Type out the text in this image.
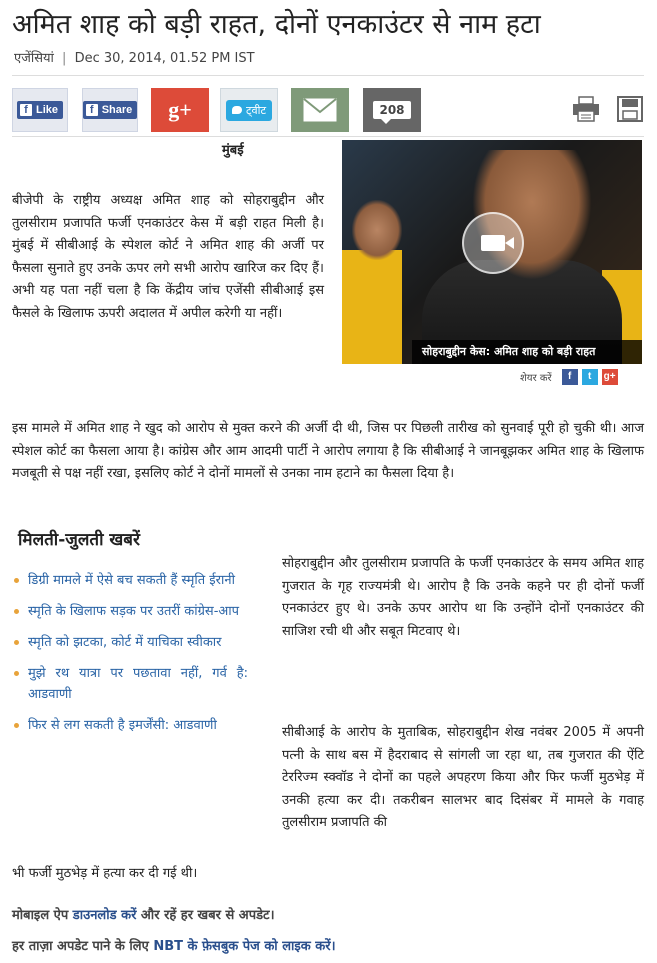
अमित शाह को बड़ी राहत, दोनों एनकाउंटर से नाम हटा
एजेंसियां | Dec 30, 2014, 01.52 PM IST
f Like	f Share g+	ट्वीट	208
मुंबई

बीजेपी के राष्ट्रीय अध्यक्ष अमित शाह को सोहराबुद्दीन और तुलसीराम प्रजापति फर्जी एनकाउंटर केस में बड़ी राहत मिली है। मुंबई में सीबीआई के स्पेशल कोर्ट ने अमित शाह की अर्जी पर फैसला सुनाते हुए उनके ऊपर लगे सभी आरोप खारिज कर दिए हैं। अभी यह पता नहीं चला है कि केंद्रीय जांच एजेंसी सीबीआई इस फैसले के खिलाफ ऊपरी अदालत में अपील करेगी या नहीं।

सोहराबुद्दीन केस: अमित शाह को बड़ी राहत
शेयर करें	f	t	g+

इस मामले में अमित शाह ने खुद को आरोप से मुक्त करने की अर्जी दी थी, जिस पर पिछली तारीख को सुनवाई पूरी हो चुकी थी। आज स्पेशल कोर्ट का फैसला आया है। कांग्रेस और आम आदमी पार्टी ने आरोप लगाया है कि सीबीआई ने जानबूझकर अमित शाह के खिलाफ मजबूती से पक्ष नहीं रखा, इसलिए कोर्ट ने दोनों मामलों से उनका नाम हटाने का फैसला दिया है।

मिलती-जुलती खबरें
डिग्री मामले में ऐसे बच सकती हैं स्मृति ईरानी
स्मृति के खिलाफ सड़क पर उतरीं कांग्रेस-आप
स्मृति को झटका, कोर्ट में याचिका स्वीकार
मुझे रथ यात्रा पर पछतावा नहीं, गर्व है: आडवाणी
फिर से लग सकती है इमर्जेंसी: आडवाणी

सोहराबुद्दीन और तुलसीराम प्रजापति के फर्जी एनकाउंटर के समय अमित शाह गुजरात के गृह राज्यमंत्री थे। आरोप है कि उनके कहने पर ही दोनों फर्जी एनकाउंटर हुए थे। उनके ऊपर आरोप था कि उन्होंने दोनों एनकाउंटर की साजिश रची थी और सबूत मिटवाए थे।

सीबीआई के आरोप के मुताबिक, सोहराबुद्दीन शेख नवंबर 2005 में अपनी पत्नी के साथ बस में हैदराबाद से सांगली जा रहा था, तब गुजरात की ऐंटि टेररिज्म स्क्वॉड ने दोनों का पहले अपहरण किया और फिर फर्जी मुठभेड़ में उनकी हत्या कर दी। तकरीबन सालभर बाद दिसंबर में मामले के गवाह तुलसीराम प्रजापति की

भी फर्जी मुठभेड़ में हत्या कर दी गई थी।

मोबाइल ऐप डाउनलोड करें और रहें हर खबर से अपडेट।
हर ताज़ा अपडेट पाने के लिए NBT के फ़ेसबुक पेज को लाइक करें।
